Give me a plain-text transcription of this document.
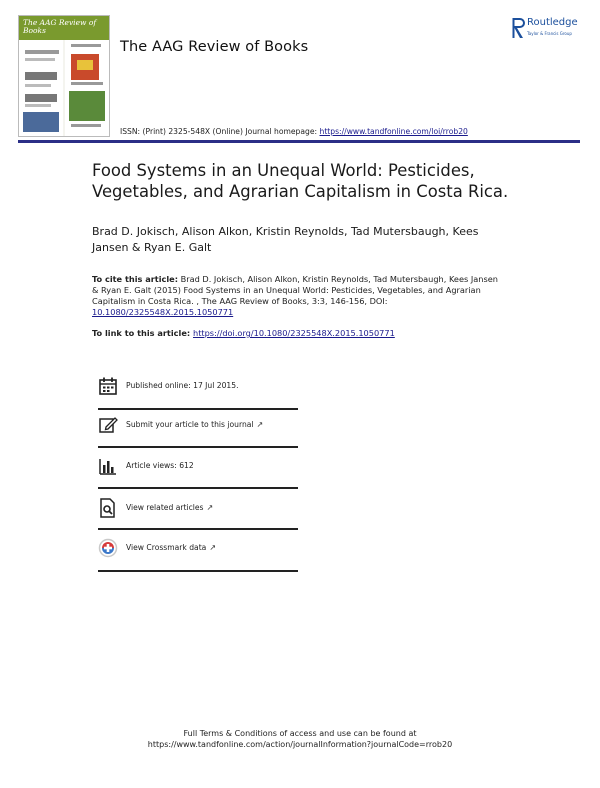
The AAG Review of Books
The AAG Review of Books
Routledge
Taylor & Francis Group
ISSN: (Print) 2325-548X (Online) Journal homepage: https://www.tandfonline.com/loi/rrob20
Food Systems in an Unequal World: Pesticides, Vegetables, and Agrarian Capitalism in Costa Rica.
Brad D. Jokisch, Alison Alkon, Kristin Reynolds, Tad Mutersbaugh, Kees Jansen & Ryan E. Galt
To cite this article: Brad D. Jokisch, Alison Alkon, Kristin Reynolds, Tad Mutersbaugh, Kees Jansen & Ryan E. Galt (2015) Food Systems in an Unequal World: Pesticides, Vegetables, and Agrarian Capitalism in Costa Rica. , The AAG Review of Books, 3:3, 146-156, DOI: 10.1080/2325548X.2015.1050771
To link to this article: https://doi.org/10.1080/2325548X.2015.1050771
Published online: 17 Jul 2015.
Submit your article to this journal ↗
Article views: 612
View related articles ↗
View Crossmark data ↗
Full Terms & Conditions of access and use can be found at
https://www.tandfonline.com/action/journalInformation?journalCode=rrob20
